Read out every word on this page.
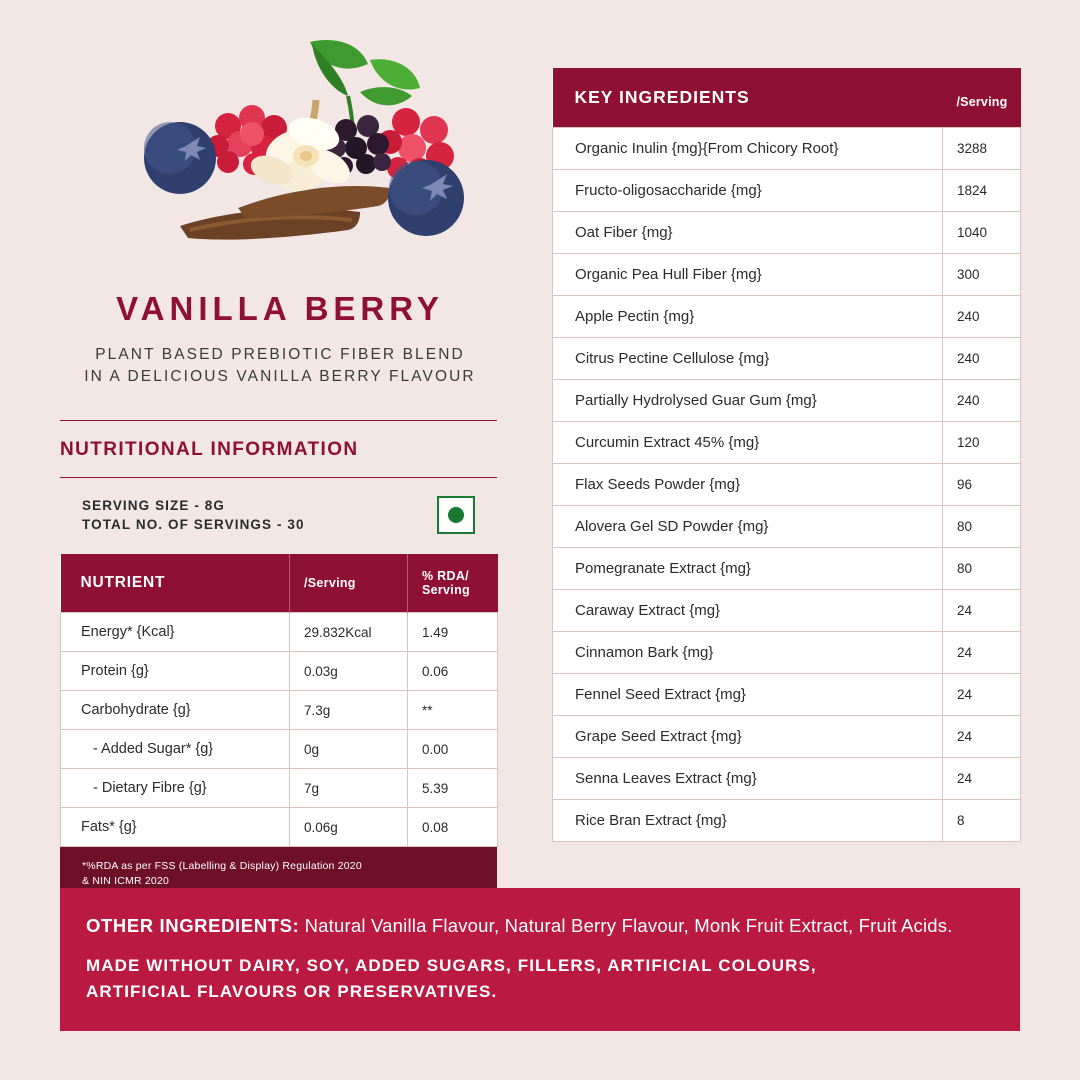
VANILLA BERRY
PLANT BASED PREBIOTIC FIBER BLEND
IN A DELICIOUS VANILLA BERRY FLAVOUR
NUTRITIONAL INFORMATION
SERVING SIZE - 8G
TOTAL NO. OF SERVINGS - 30
NUTRIENT	/Serving	% RDA/
Serving
Energy* {Kcal}	29.832Kcal	1.49
Protein {g}	0.03g	0.06
Carbohydrate {g}	7.3g	**
- Added Sugar* {g}	0g	0.00
- Dietary Fibre {g}	7g	5.39
Fats* {g}	0.06g	0.08
*%RDA as per FSS (Labelling & Display) Regulation 2020
& NIN ICMR 2020
KEY INGREDIENTS	/Serving
Organic Inulin {mg}{From Chicory Root}	3288
Fructo-oligosaccharide {mg}	1824
Oat Fiber {mg}	1040
Organic Pea Hull Fiber {mg}	300
Apple Pectin {mg}	240
Citrus Pectine Cellulose {mg}	240
Partially Hydrolysed Guar Gum {mg}	240
Curcumin Extract 45% {mg}	120
Flax Seeds Powder {mg}	96
Alovera Gel SD Powder {mg}	80
Pomegranate Extract {mg}	80
Caraway Extract {mg}	24
Cinnamon Bark {mg}	24
Fennel Seed Extract {mg}	24
Grape Seed Extract {mg}	24
Senna Leaves Extract {mg}	24
Rice Bran Extract {mg}	8
OTHER INGREDIENTS: Natural Vanilla Flavour, Natural Berry Flavour, Monk Fruit Extract, Fruit Acids.
MADE WITHOUT DAIRY, SOY, ADDED SUGARS, FILLERS, ARTIFICIAL COLOURS,
ARTIFICIAL FLAVOURS OR PRESERVATIVES.
